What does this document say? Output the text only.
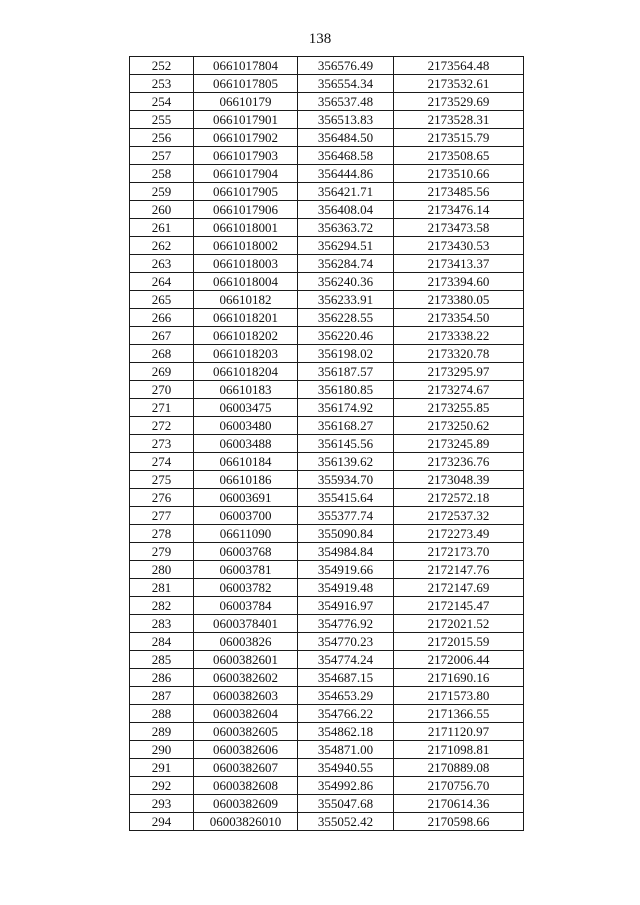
138
252	0661017804	356576.49	2173564.48
253	0661017805	356554.34	2173532.61
254	06610179	356537.48	2173529.69
255	0661017901	356513.83	2173528.31
256	0661017902	356484.50	2173515.79
257	0661017903	356468.58	2173508.65
258	0661017904	356444.86	2173510.66
259	0661017905	356421.71	2173485.56
260	0661017906	356408.04	2173476.14
261	0661018001	356363.72	2173473.58
262	0661018002	356294.51	2173430.53
263	0661018003	356284.74	2173413.37
264	0661018004	356240.36	2173394.60
265	06610182	356233.91	2173380.05
266	0661018201	356228.55	2173354.50
267	0661018202	356220.46	2173338.22
268	0661018203	356198.02	2173320.78
269	0661018204	356187.57	2173295.97
270	06610183	356180.85	2173274.67
271	06003475	356174.92	2173255.85
272	06003480	356168.27	2173250.62
273	06003488	356145.56	2173245.89
274	06610184	356139.62	2173236.76
275	06610186	355934.70	2173048.39
276	06003691	355415.64	2172572.18
277	06003700	355377.74	2172537.32
278	06611090	355090.84	2172273.49
279	06003768	354984.84	2172173.70
280	06003781	354919.66	2172147.76
281	06003782	354919.48	2172147.69
282	06003784	354916.97	2172145.47
283	0600378401	354776.92	2172021.52
284	06003826	354770.23	2172015.59
285	0600382601	354774.24	2172006.44
286	0600382602	354687.15	2171690.16
287	0600382603	354653.29	2171573.80
288	0600382604	354766.22	2171366.55
289	0600382605	354862.18	2171120.97
290	0600382606	354871.00	2171098.81
291	0600382607	354940.55	2170889.08
292	0600382608	354992.86	2170756.70
293	0600382609	355047.68	2170614.36
294	06003826010	355052.42	2170598.66
